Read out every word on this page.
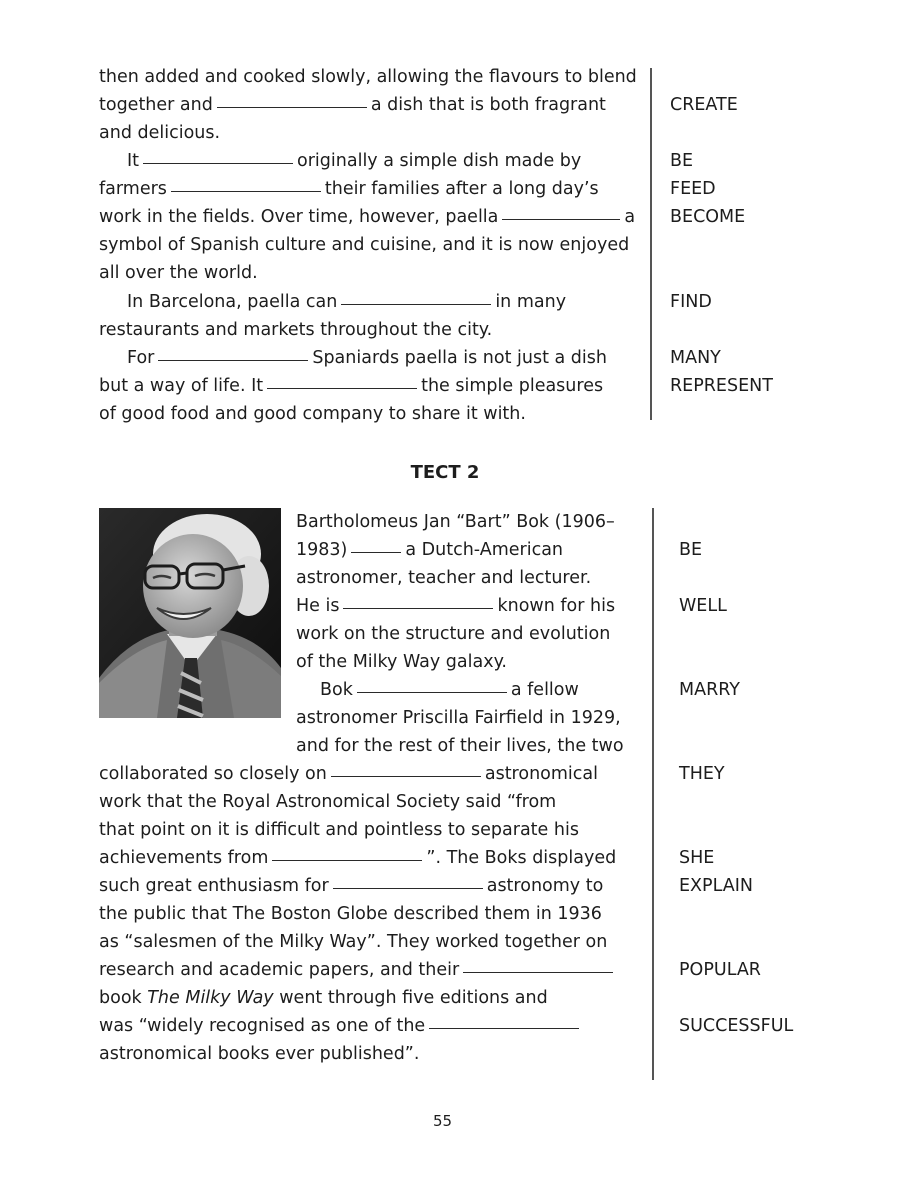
then added and cooked slowly, allowing the flavours to blend
together and	a dish that is both fragrant
and delicious.
It	originally a simple dish made by
farmers	their families after a long day’s
work in the fields. Over time, however, paella	a
symbol of Spanish culture and cuisine, and it is now enjoyed
all over the world.
In Barcelona, paella can	in many
restaurants and markets throughout the city.
For	Spaniards paella is not just a dish
but a way of life. It	the simple pleasures
of good food and good company to share it with.
CREATE
BE
FEED
BECOME
FIND
MANY
REPRESENT
ТЕСТ 2
Bartholomeus Jan “Bart” Bok (1906–
1983)	a Dutch-American
astronomer, teacher and lecturer.
He is	known for his
work on the structure and evolution
of the Milky Way galaxy.
Bok	a fellow
astronomer Priscilla Fairfield in 1929,
and for the rest of their lives, the two
collaborated so closely on	astronomical
work that the Royal Astronomical Society said “from
that point on it is difficult and pointless to separate his
achievements from	”. The Boks displayed
such great enthusiasm for	astronomy to
the public that The Boston Globe described them in 1936
as “salesmen of the Milky Way”. They worked together on
research and academic papers, and their
book The Milky Way went through five editions and
was “widely recognised as one of the
astronomical books ever published”.
BE
WELL
MARRY
THEY
SHE
EXPLAIN
POPULAR
SUCCESSFUL
55
